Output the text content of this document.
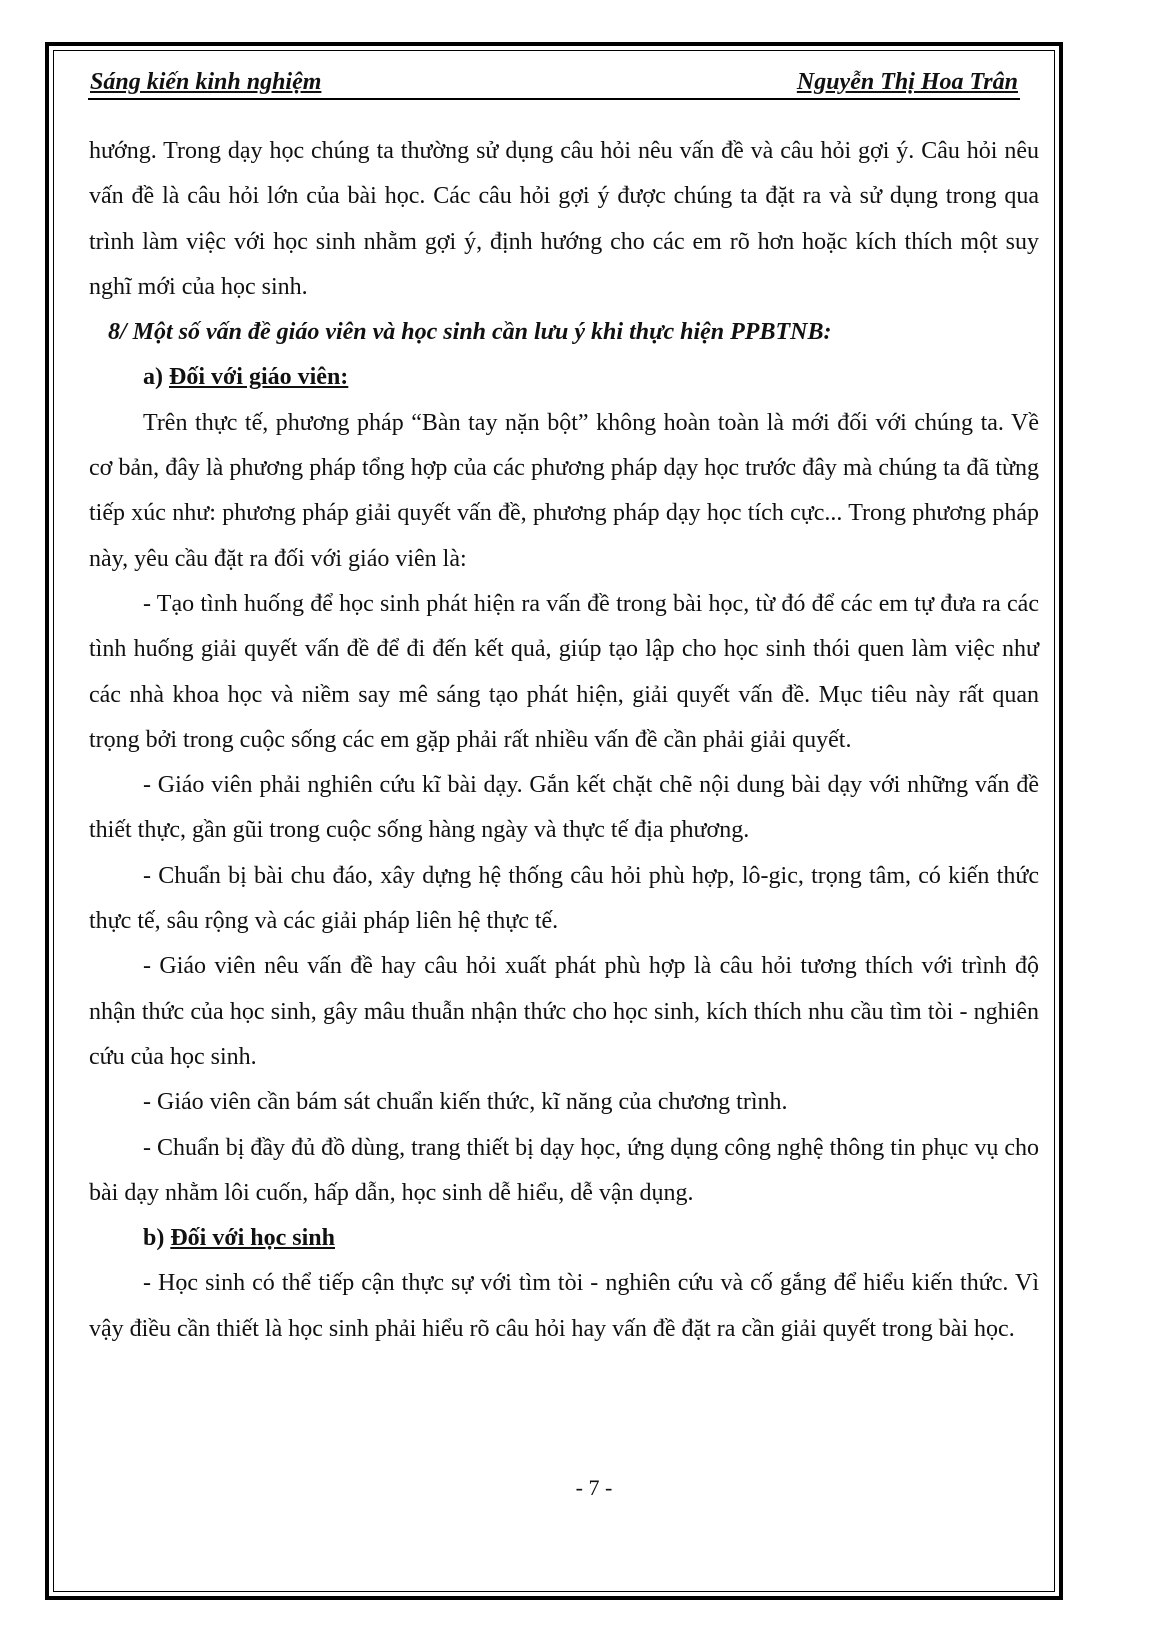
Sáng kiến kinh nghiệm	Nguyễn Thị Hoa Trân

hướng. Trong dạy học chúng ta thường sử dụng câu hỏi nêu vấn đề và câu hỏi gợi ý. Câu hỏi nêu vấn đề là câu hỏi lớn của bài học. Các câu hỏi gợi ý được chúng ta đặt ra và sử dụng trong qua trình làm việc với học sinh nhằm gợi ý, định hướng cho các em rõ hơn hoặc kích thích một suy nghĩ mới của học sinh.

8/ Một số vấn đề giáo viên và học sinh cần lưu ý khi thực hiện PPBTNB:

a) Đối với giáo viên:

Trên thực tế, phương pháp “Bàn tay nặn bột” không hoàn toàn là mới đối với chúng ta. Về cơ bản, đây là phương pháp tổng hợp của các phương pháp dạy học trước đây mà chúng ta đã từng tiếp xúc như: phương pháp giải quyết vấn đề, phương pháp dạy học tích cực... Trong phương pháp này, yêu cầu đặt ra đối với giáo viên là:

- Tạo tình huống để học sinh phát hiện ra vấn đề trong bài học, từ đó để các em tự đưa ra các tình huống giải quyết vấn đề để đi đến kết quả, giúp tạo lập cho học sinh thói quen làm việc như các nhà khoa học và niềm say mê sáng tạo phát hiện, giải quyết vấn đề. Mục tiêu này rất quan trọng bởi trong cuộc sống các em gặp phải rất nhiều vấn đề cần phải giải quyết.

- Giáo viên phải nghiên cứu kĩ bài dạy. Gắn kết chặt chẽ nội dung bài dạy với những vấn đề thiết thực, gần gũi trong cuộc sống hàng ngày và thực tế địa phương.

- Chuẩn bị bài chu đáo, xây dựng hệ thống câu hỏi phù hợp, lô-gic, trọng tâm, có kiến thức thực tế, sâu rộng và các giải pháp liên hệ thực tế.

- Giáo viên nêu vấn đề hay câu hỏi xuất phát phù hợp là câu hỏi tương thích với trình độ nhận thức của học sinh, gây mâu thuẫn nhận thức cho học sinh, kích thích nhu cầu tìm tòi - nghiên cứu của học sinh.

- Giáo viên cần bám sát chuẩn kiến thức, kĩ năng của chương trình.

- Chuẩn bị đầy đủ đồ dùng, trang thiết bị dạy học, ứng dụng công nghệ thông tin phục vụ cho bài dạy nhằm lôi cuốn, hấp dẫn, học sinh dễ hiểu, dễ vận dụng.

b) Đối với học sinh

- Học sinh có thể tiếp cận thực sự với tìm tòi - nghiên cứu và cố gắng để hiểu kiến thức. Vì vậy điều cần thiết là học sinh phải hiểu rõ câu hỏi hay vấn đề đặt ra cần giải quyết trong bài học.

- 7 -
